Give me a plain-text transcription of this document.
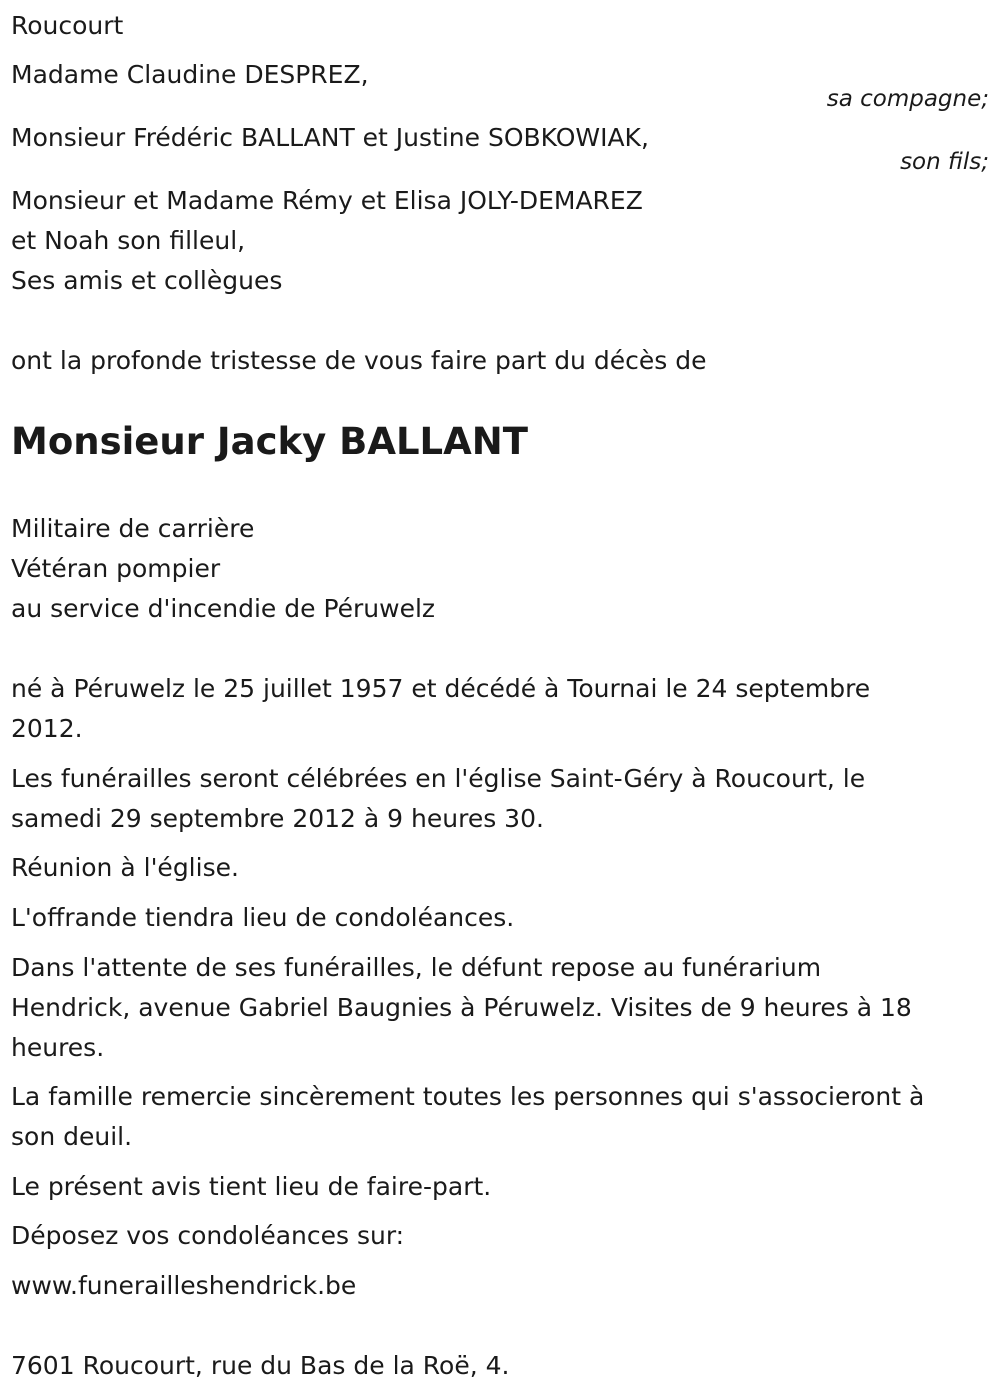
Roucourt
Madame Claudine DESPREZ,
sa compagne;
Monsieur Frédéric BALLANT et Justine SOBKOWIAK,
son fils;
Monsieur et Madame Rémy et Elisa JOLY-DEMAREZ
et Noah son filleul,
Ses amis et collègues
ont la profonde tristesse de vous faire part du décès de
Monsieur Jacky BALLANT
Militaire de carrière
Vétéran pompier
au service d'incendie de Péruwelz
né à Péruwelz le 25 juillet 1957 et décédé à Tournai le 24 septembre
2012.
Les funérailles seront célébrées en l'église Saint-Géry à Roucourt, le
samedi 29 septembre 2012 à 9 heures 30.
Réunion à l'église.
L'offrande tiendra lieu de condoléances.
Dans l'attente de ses funérailles, le défunt repose au funérarium
Hendrick, avenue Gabriel Baugnies à Péruwelz. Visites de 9 heures à 18
heures.
La famille remercie sincèrement toutes les personnes qui s'associeront à
son deuil.
Le présent avis tient lieu de faire-part.
Déposez vos condoléances sur:
www.funerailleshendrick.be
7601 Roucourt, rue du Bas de la Roë, 4.
